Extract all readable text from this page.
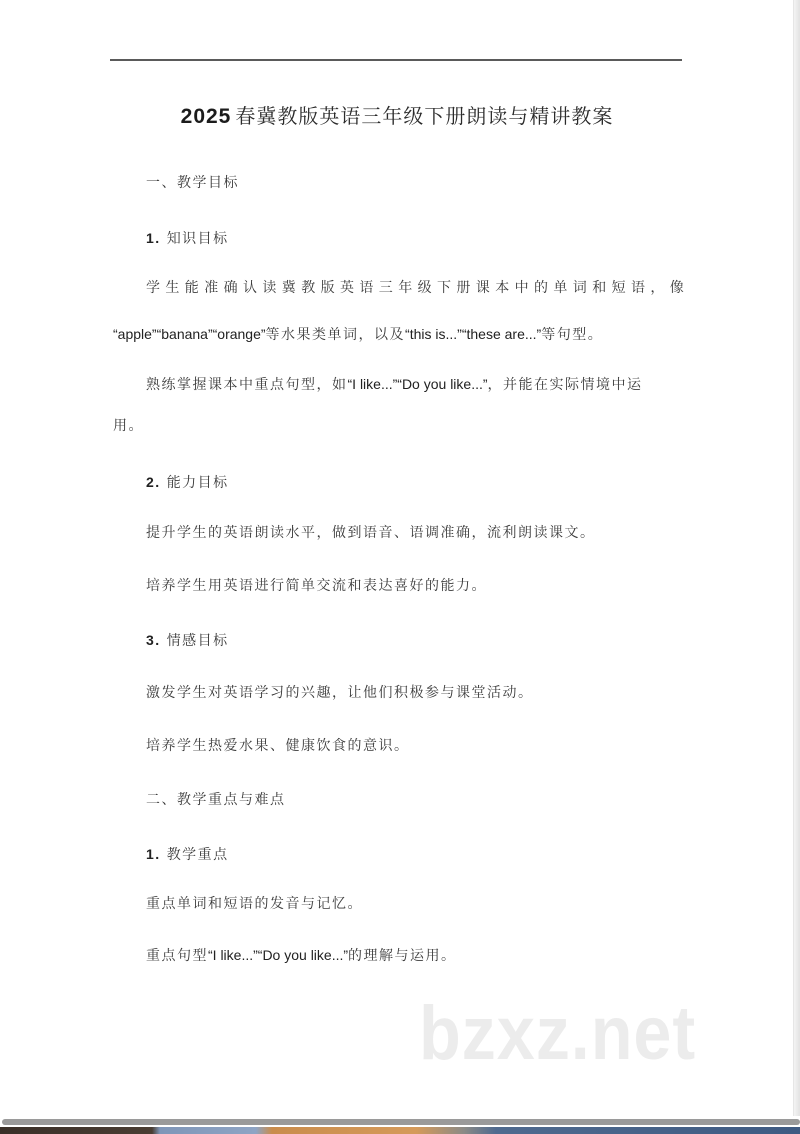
2025 春冀教版英语三年级下册朗读与精讲教案
一、教学目标
1. 知识目标
学生能准确认读冀教版英语三年级下册课本中的单词和短语，像
“apple”“banana”“orange”等水果类单词，以及“this is...”“these are...”等句型。
熟练掌握课本中重点句型，如“I like...”“Do you like...”，并能在实际情境中运
用。
2. 能力目标
提升学生的英语朗读水平，做到语音、语调准确，流利朗读课文。
培养学生用英语进行简单交流和表达喜好的能力。
3. 情感目标
激发学生对英语学习的兴趣，让他们积极参与课堂活动。
培养学生热爱水果、健康饮食的意识。
二、教学重点与难点
1. 教学重点
重点单词和短语的发音与记忆。
重点句型“I like...”“Do you like...”的理解与运用。
bzxz.net
